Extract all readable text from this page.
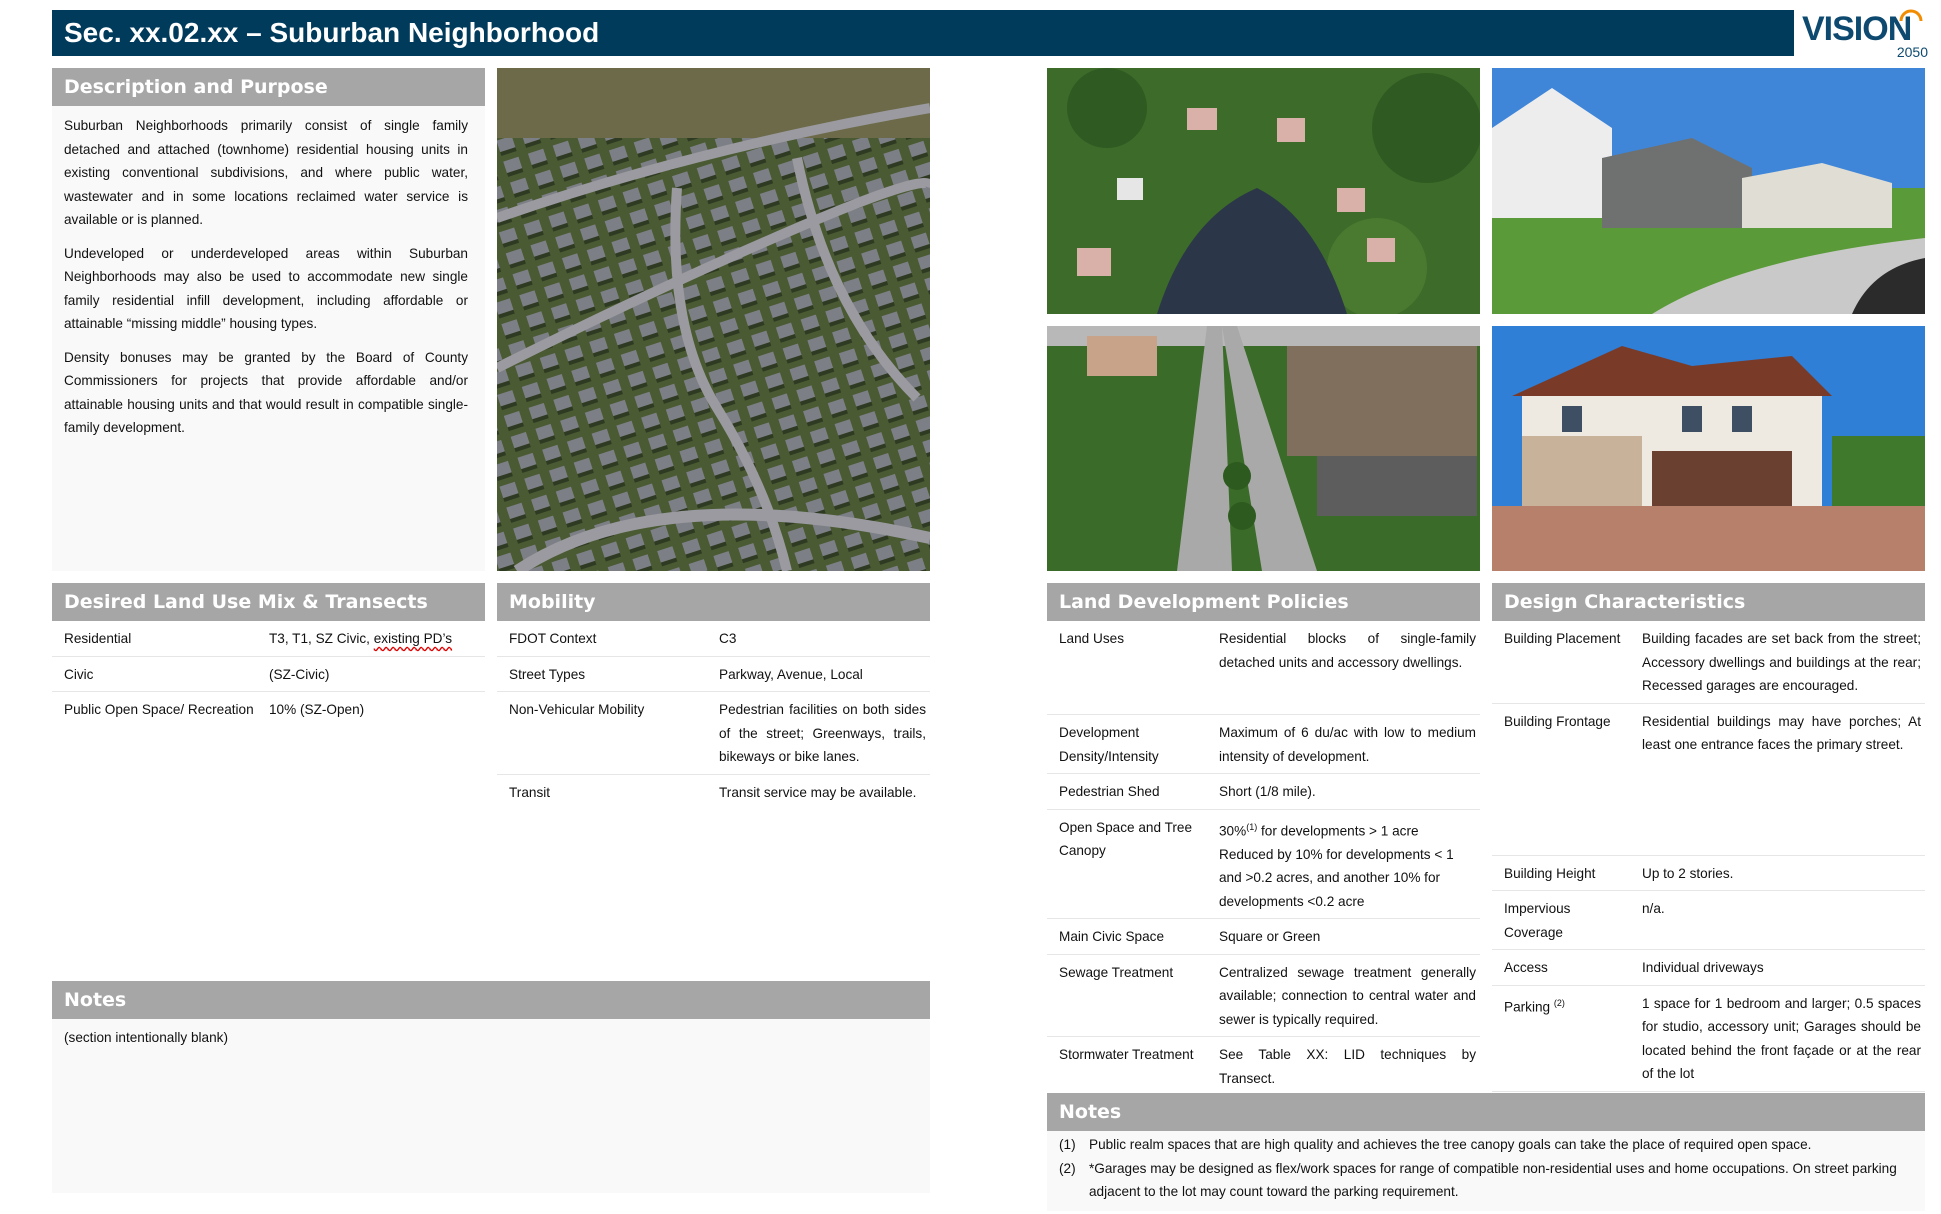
Sec. xx.02.xx – Suburban Neighborhood	VISION
2050
Description and Purpose

Suburban Neighborhoods primarily consist of single family detached and attached (townhome) residential housing units in existing conventional subdivisions, and where public water, wastewater and in some locations reclaimed water service is available or is planned.

Undeveloped or underdeveloped areas within Suburban Neighborhoods may also be used to accommodate new single family residential infill development, including affordable or attainable “missing middle” housing types.

Density bonuses may be granted by the Board of County Commissioners for projects that provide affordable and/or attainable housing units and that would result in compatible single-family development.

Desired Land Use Mix & Transects
Residential	T3, T1, SZ Civic, existing PD’s
Civic	(SZ-Civic)
Public Open Space/ Recreation	10% (SZ-Open)
Mobility
FDOT Context	C3
Street Types	Parkway, Avenue, Local
Non-Vehicular Mobility	Pedestrian facilities on both sides of the street; Greenways, trails, bikeways or bike lanes.
Transit	Transit service may be available.
Notes
(section intentionally blank)
Land Development Policies
Land Uses	Residential blocks of single-family detached units and accessory dwellings.
Development Density/Intensity	Maximum of 6 du/ac with low to medium intensity of development.
Pedestrian Shed	Short (1/8 mile).
Open Space and Tree Canopy	30%$^{(1)}$ for developments > 1 acre Reduced by 10% for developments < 1 and >0.2 acres, and another 10% for developments <0.2 acre
Main Civic Space	Square or Green
Sewage Treatment	Centralized sewage treatment generally available; connection to central water and sewer is typically required.
Stormwater Treatment	See Table XX: LID techniques by Transect.
Design Characteristics
Building Placement	Building facades are set back from the street; Accessory dwellings and buildings at the rear; Recessed garages are encouraged.
Building Frontage	Residential buildings may have porches; At least one entrance faces the primary street.
Building Height	Up to 2 stories.
Impervious Coverage	n/a.
Access	Individual driveways
Parking $^{(2)}$	1 space for 1 bedroom and larger; 0.5 spaces for studio, accessory unit; Garages should be located behind the front façade or at the rear of the lot
Notes
(1) Public realm spaces that are high quality and achieves the tree canopy goals can take the place of required open space.
(2) *Garages may be designed as flex/work spaces for range of compatible non-residential uses and home occupations. On street parking adjacent to the lot may count toward the parking requirement.
